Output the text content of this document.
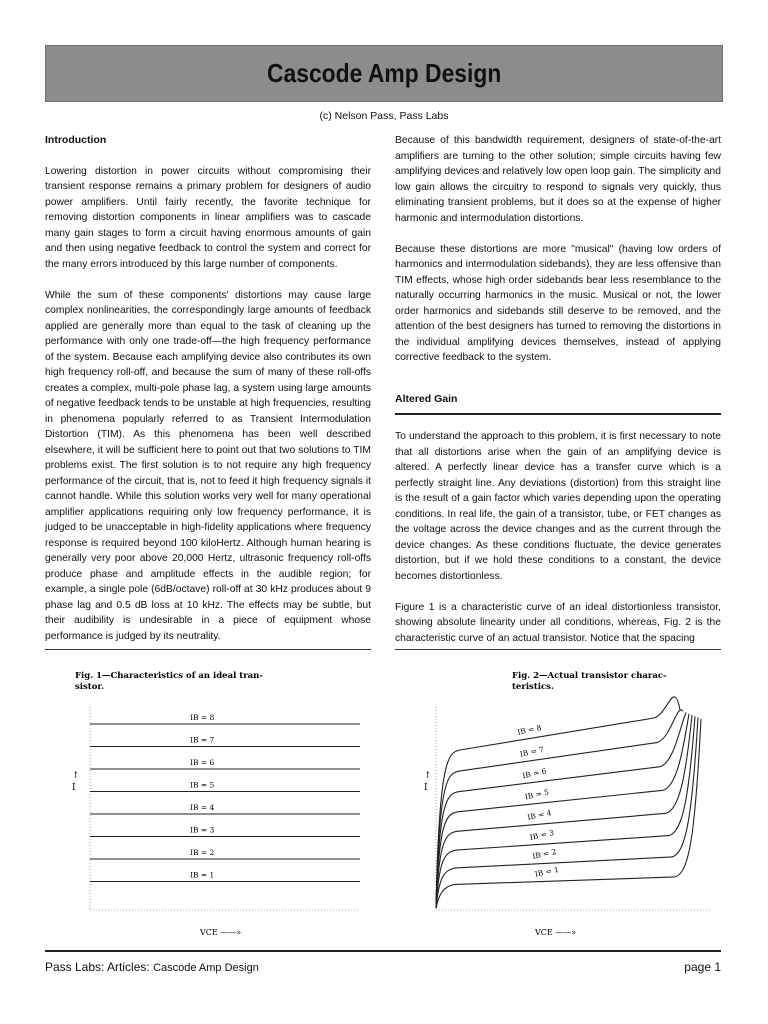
Cascode Amp Design
(c) Nelson Pass, Pass Labs
Introduction

Lowering distortion in power circuits without compromising their transient response remains a primary problem for designers of audio power amplifiers. Until fairly recently, the favorite technique for removing distortion components in linear amplifiers was to cascade many gain stages to form a circuit having enormous amounts of gain and then using negative feedback to control the system and correct for the many errors introduced by this large number of components.

While the sum of these components' distortions may cause large complex nonlinearities, the correspondingly large amounts of feedback applied are generally more than equal to the task of cleaning up the performance with only one trade-off—the high frequency performance of the system. Because each amplifying device also contributes its own high frequency roll-off, and because the sum of many of these roll-offs creates a complex, multi-pole phase lag, a system using large amounts of negative feedback tends to be unstable at high frequencies, resulting in phenomena popularly referred to as Transient Intermodulation Distortion (TIM). As this phenomena has been well described elsewhere, it will be sufficient here to point out that two solutions to TIM problems exist. The first solution is to not require any high frequency performance of the circuit, that is, not to feed it high frequency signals it cannot handle. While this solution works very well for many operational amplifier applications requiring only low frequency performance, it is judged to be unacceptable in high-fidelity applications where frequency response is required beyond 100 kiloHertz. Although human hearing is generally very poor above 20,000 Hertz, ultrasonic frequency roll-offs produce phase and amplitude effects in the audible region; for example, a single pole (6dB/octave) roll-off at 30 kHz produces about 9 phase lag and 0.5 dB loss at 10 kHz. The effects may be subtle, but their audibility is undesirable in a piece of equipment whose performance is judged by its neutrality.

Because of this bandwidth requirement, designers of state-of-the-art amplifiers are turning to the other solution; simple circuits having few amplifying devices and relatively low open loop gain. The simplicity and low gain allows the circuitry to respond to signals very quickly, thus eliminating transient problems, but it does so at the expense of higher harmonic and intermodulation distortions.

Because these distortions are more "musical" (having low orders of harmonics and intermodulation sidebands), they are less offensive than TIM effects, whose high order sidebands bear less resemblance to the naturally occurring harmonics in the music. Musical or not, the lower order harmonics and sidebands still deserve to be removed, and the attention of the best designers has turned to removing the distortions in the individual amplifying devices themselves, instead of applying corrective feedback to the system.

Altered Gain

To understand the approach to this problem, it is first necessary to note that all distortions arise when the gain of an amplifying device is altered. A perfectly linear device has a transfer curve which is a perfectly straight line. Any deviations (distortion) from this straight line is the result of a gain factor which varies depending upon the operating conditions. In real life, the gain of a transistor, tube, or FET changes as the voltage across the device changes and as the current through the device changes. As these conditions fluctuate, the device generates distortion, but if we hold these conditions to a constant, the device becomes distortionless.

Figure 1 is a characteristic curve of an ideal distortionless transistor, showing absolute linearity under all conditions, whereas, Fig. 2 is the characteristic curve of an actual transistor. Notice that the spacing

Fig. 1—Characteristics of an ideal tran-
sistor.
I
↑
VCE ——»
IB = 8
IB = 7
IB = 6
IB = 5
IB = 4
IB = 3
IB = 2
IB = 1
Fig. 2—Actual transistor charac-
teristics.
I
↑
VCE ——»
IB = 8
IB = 7
IB = 6
IB = 5
IB = 4
IB = 3
IB = 2
IB = 1
Pass Labs: Articles: Cascode Amp Design	page 1
